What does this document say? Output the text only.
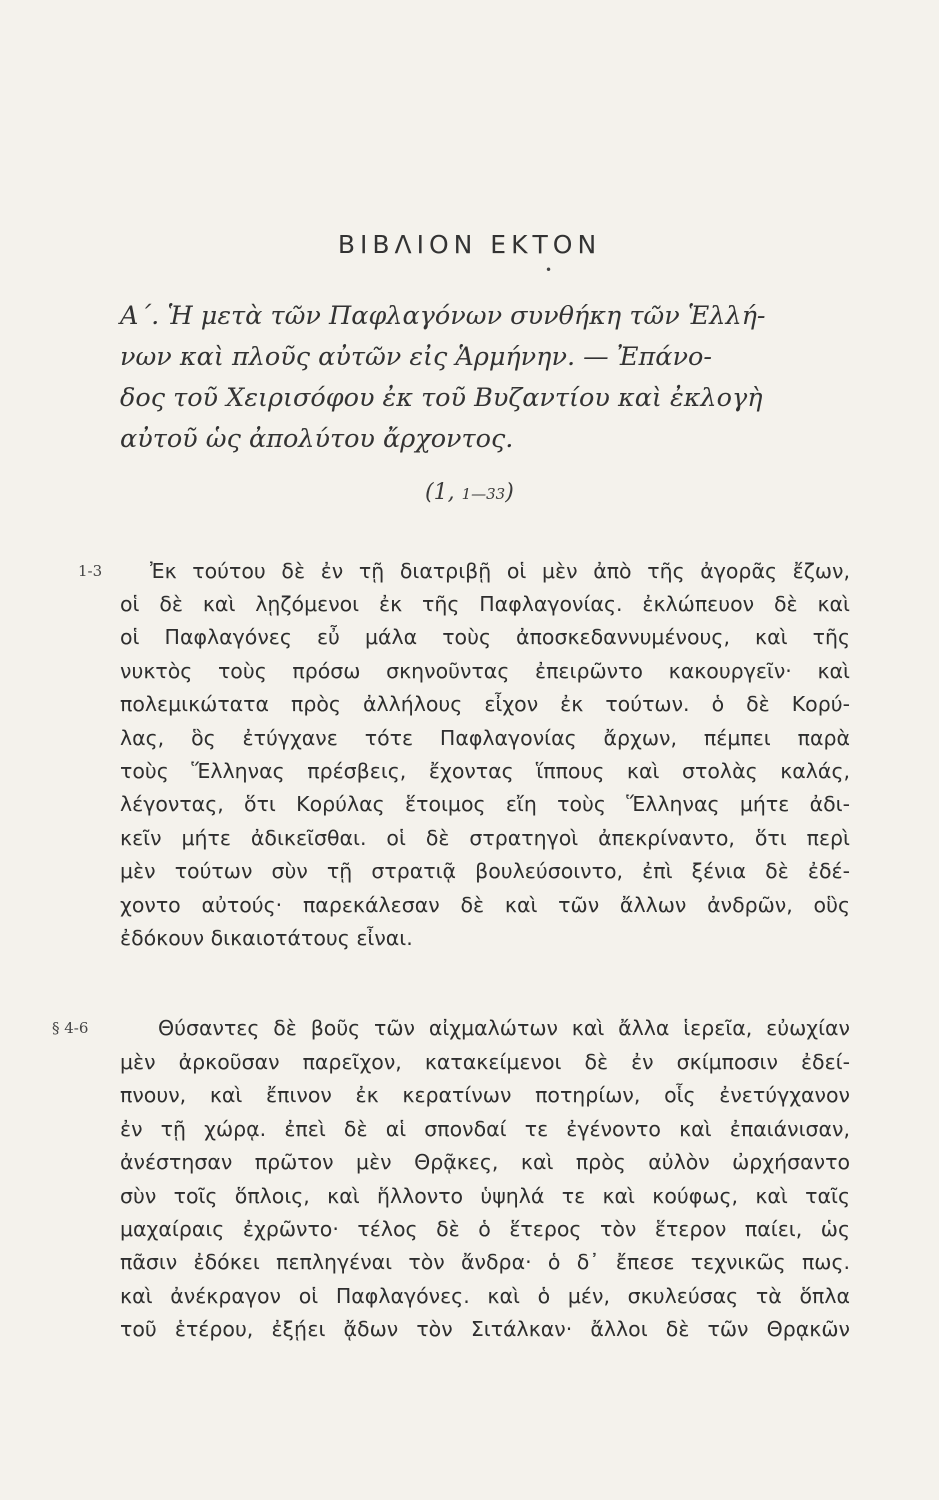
ΒΙΒΛΙΟΝ ΕΚΤΟΝ
•
Α΄. Ἡ μετὰ τῶν Παφλαγόνων συνθήκη τῶν Ἑλλή-
νων καὶ πλοῦς αὐτῶν εἰς Ἁρμήνην. — Ἐπάνο-
δος τοῦ Χειρισόφου ἐκ τοῦ Βυζαντίου καὶ ἐκλογὴ
αὐτοῦ ὡς ἀπολύτου ἄρχοντος.
(1, 1—33)
1-3
§ 4-6
Ἐκ τούτου δὲ ἐν τῇ διατριβῇ οἱ μὲν ἀπὸ τῆς ἀγορᾶς ἔζων,
οἱ δὲ καὶ λῃζόμενοι ἐκ τῆς Παφλαγονίας. ἐκλώπευον δὲ καὶ
οἱ Παφλαγόνες εὖ μάλα τοὺς ἀποσκεδαννυμένους, καὶ τῆς
νυκτὸς τοὺς πρόσω σκηνοῦντας ἐπειρῶντο κακουργεῖν· καὶ
πολεμικώτατα πρὸς ἀλλήλους εἶχον ἐκ τούτων. ὁ δὲ Κορύ-
λας, ὃς ἐτύγχανε τότε Παφλαγονίας ἄρχων, πέμπει παρὰ
τοὺς Ἕλληνας πρέσβεις, ἔχοντας ἵππους καὶ στολὰς καλάς,
λέγοντας, ὅτι Κορύλας ἕτοιμος εἴη τοὺς Ἕλληνας μήτε ἀδι-
κεῖν μήτε ἀδικεῖσθαι. οἱ δὲ στρατηγοὶ ἀπεκρίναντο, ὅτι περὶ
μὲν τούτων σὺν τῇ στρατιᾷ βουλεύσοιντο, ἐπὶ ξένια δὲ ἐδέ-
χοντο αὐτούς· παρεκάλεσαν δὲ καὶ τῶν ἄλλων ἀνδρῶν, οὓς
ἐδόκουν δικαιοτάτους εἶναι.
Θύσαντες δὲ βοῦς τῶν αἰχμαλώτων καὶ ἄλλα ἱερεῖα, εὐωχίαν
μὲν ἀρκοῦσαν παρεῖχον, κατακείμενοι δὲ ἐν σκίμποσιν ἐδεί-
πνουν, καὶ ἔπινον ἐκ κερατίνων ποτηρίων, οἷς ἐνετύγχανον
ἐν τῇ χώρᾳ. ἐπεὶ δὲ αἱ σπονδαί τε ἐγένοντο καὶ ἐπαιάνισαν,
ἀνέστησαν πρῶτον μὲν Θρᾷκες, καὶ πρὸς αὐλὸν ὠρχήσαντο
σὺν τοῖς ὅπλοις, καὶ ἥλλοντο ὑψηλά τε καὶ κούφως, καὶ ταῖς
μαχαίραις ἐχρῶντο· τέλος δὲ ὁ ἕτερος τὸν ἕτερον παίει, ὡς
πᾶσιν ἐδόκει πεπληγέναι τὸν ἄνδρα· ὁ δ᾽ ἔπεσε τεχνικῶς πως.
καὶ ἀνέκραγον οἱ Παφλαγόνες. καὶ ὁ μέν, σκυλεύσας τὰ ὅπλα
τοῦ ἑτέρου, ἐξῄει ᾄδων τὸν Σιτάλκαν· ἄλλοι δὲ τῶν Θρᾳκῶν
